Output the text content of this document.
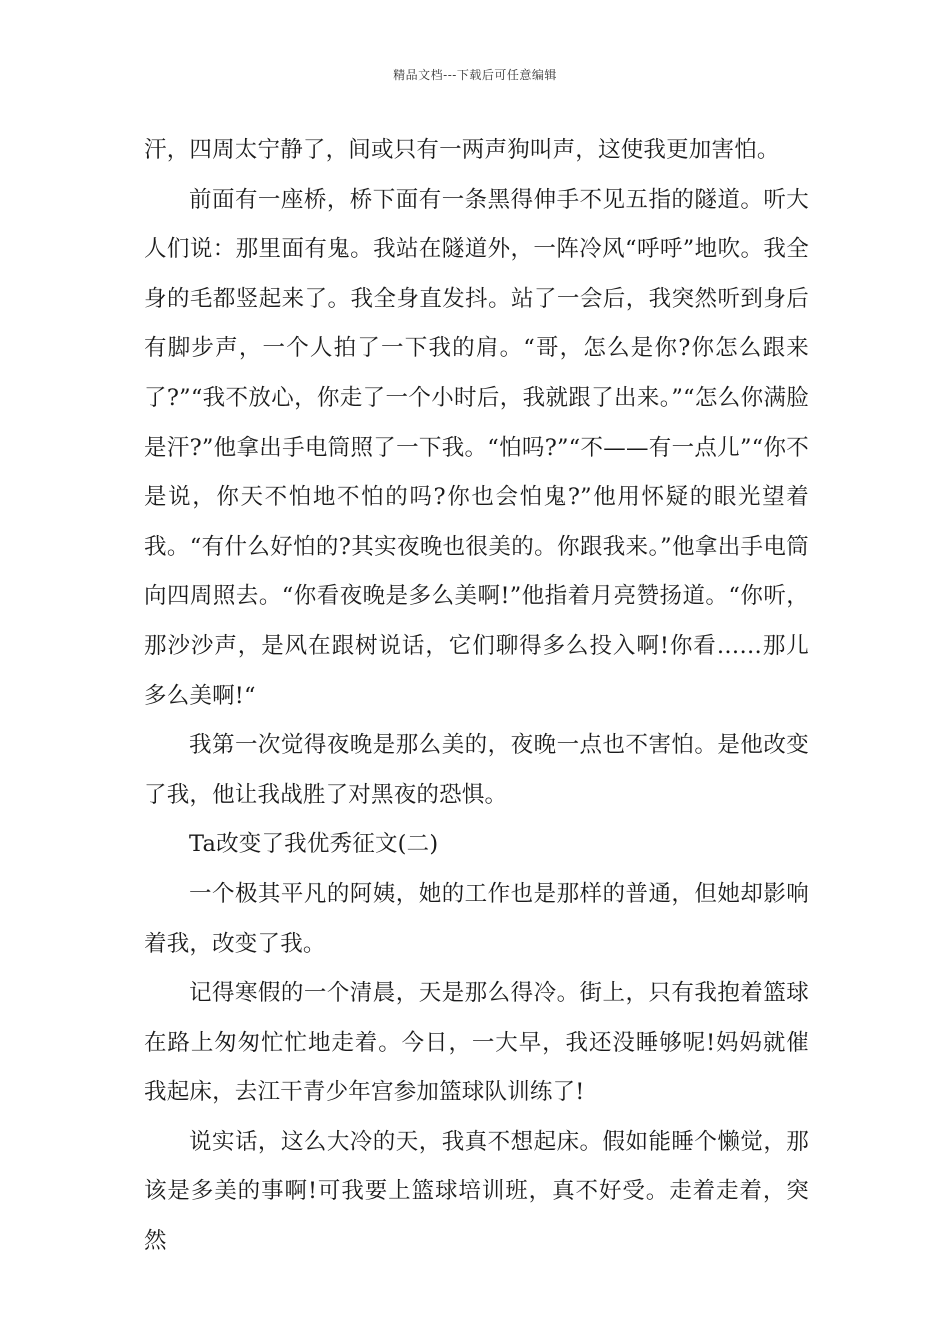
精品文档---下载后可任意编辑

汗，四周太宁静了，间或只有一两声狗叫声，这使我更加害怕。

前面有一座桥，桥下面有一条黑得伸手不见五指的隧道。听大人们说：那里面有鬼。我站在隧道外，一阵冷风“呼呼”地吹。我全身的毛都竖起来了。我全身直发抖。站了一会后，我突然听到身后有脚步声，一个人拍了一下我的肩。“哥，怎么是你?你怎么跟来了?”“我不放心，你走了一个小时后，我就跟了出来。”“怎么你满脸是汗?”他拿出手电筒照了一下我。“怕吗?”“不——有一点儿”“你不是说，你天不怕地不怕的吗?你也会怕鬼?”他用怀疑的眼光望着我。“有什么好怕的?其实夜晚也很美的。你跟我来。”他拿出手电筒向四周照去。“你看夜晚是多么美啊!”他指着月亮赞扬道。“你听，那沙沙声，是风在跟树说话，它们聊得多么投入啊!你看……那儿多么美啊!“

我第一次觉得夜晚是那么美的，夜晚一点也不害怕。是他改变了我，他让我战胜了对黑夜的恐惧。

Ta改变了我优秀征文(二)

一个极其平凡的阿姨，她的工作也是那样的普通，但她却影响着我，改变了我。

记得寒假的一个清晨，天是那么得冷。街上，只有我抱着篮球在路上匆匆忙忙地走着。今日，一大早，我还没睡够呢!妈妈就催我起床，去江干青少年宫参加篮球队训练了!

说实话，这么大冷的天，我真不想起床。假如能睡个懒觉，那该是多美的事啊!可我要上篮球培训班，真不好受。走着走着，突然
